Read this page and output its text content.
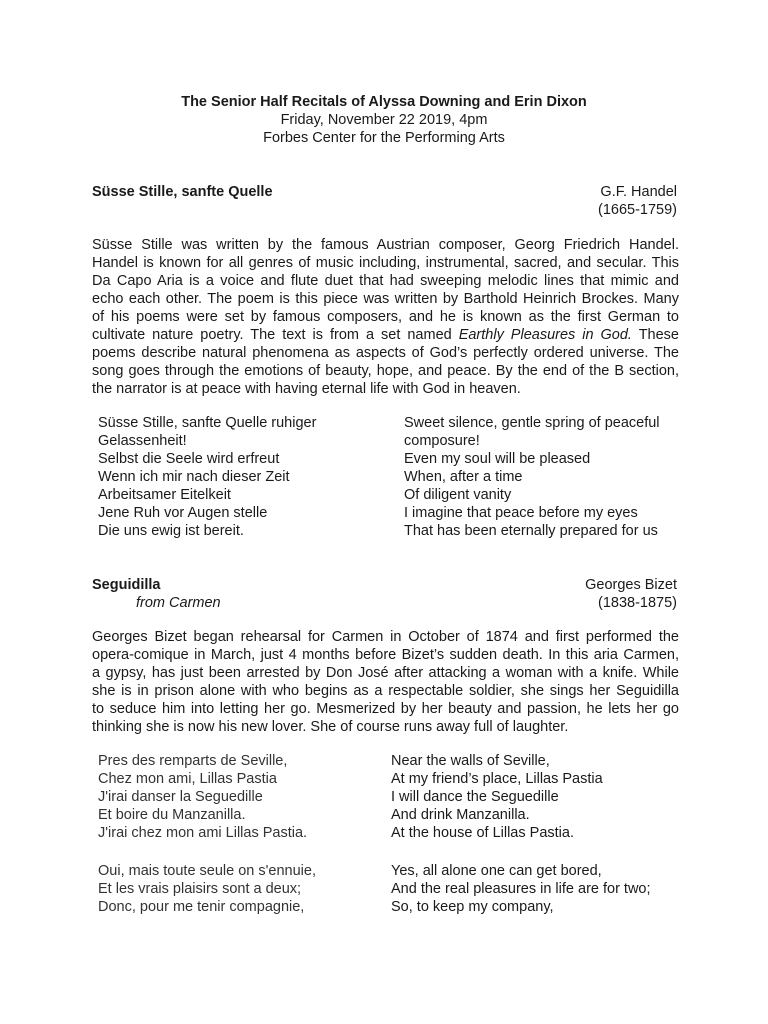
The Senior Half Recitals of Alyssa Downing and Erin Dixon
Friday, November 22 2019, 4pm
Forbes Center for the Performing Arts
Süsse Stille, sanfte Quelle	G.F. Handel
(1665-1759)
Süsse Stille was written by the famous Austrian composer, Georg Friedrich Handel.
Handel is known for all genres of music including, instrumental, sacred, and secular. This
Da Capo Aria is a voice and flute duet that had sweeping melodic lines that mimic and
echo each other. The poem is this piece was written by Barthold Heinrich Brockes. Many
of his poems were set by famous composers, and he is known as the first German to
cultivate nature poetry. The text is from a set named Earthly Pleasures in God. These
poems describe natural phenomena as aspects of God’s perfectly ordered universe. The
song goes through the emotions of beauty, hope, and peace. By the end of the B section,
the narrator is at peace with having eternal life with God in heaven.
Süsse Stille, sanfte Quelle ruhiger
Gelassenheit!
Selbst die Seele wird erfreut
Wenn ich mir nach dieser Zeit
Arbeitsamer Eitelkeit
Jene Ruh vor Augen stelle
Die uns ewig ist bereit.
Sweet silence, gentle spring of peaceful
composure!
Even my soul will be pleased
When, after a time
Of diligent vanity
I imagine that peace before my eyes
That has been eternally prepared for us
Seguidilla
from Carmen
Georges Bizet
(1838-1875)
Georges Bizet began rehearsal for Carmen in October of 1874 and first performed the
opera-comique in March, just 4 months before Bizet’s sudden death. In this aria Carmen,
a gypsy, has just been arrested by Don José after attacking a woman with a knife. While
she is in prison alone with who begins as a respectable soldier, she sings her Seguidilla
to seduce him into letting her go. Mesmerized by her beauty and passion, he lets her go
thinking she is now his new lover. She of course runs away full of laughter.
Pres des remparts de Seville,
Chez mon ami, Lillas Pastia
J'irai danser la Seguedille
Et boire du Manzanilla.
J'irai chez mon ami Lillas Pastia.
Near the walls of Seville,
At my friend’s place, Lillas Pastia
I will dance the Seguedille
And drink Manzanilla.
At the house of Lillas Pastia.
Oui, mais toute seule on s'ennuie,
Et les vrais plaisirs sont a deux;
Donc, pour me tenir compagnie,
Yes, all alone one can get bored,
And the real pleasures in life are for two;
So, to keep my company,
